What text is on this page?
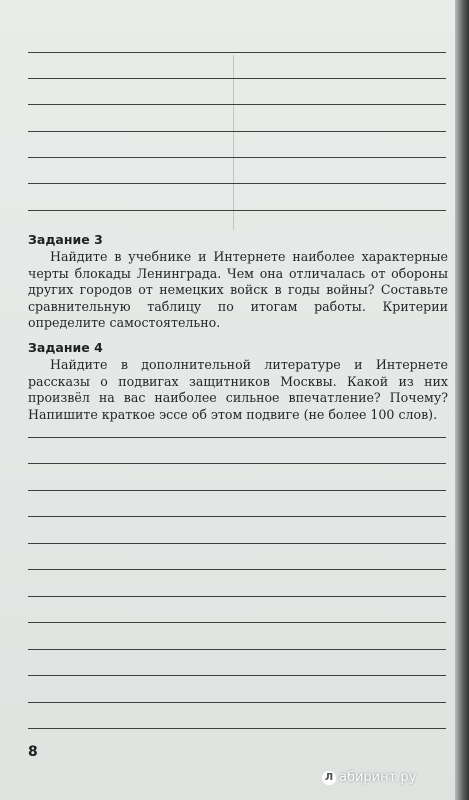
Задание 3
Найдите в учебнике и Интернете наиболее характерные черты блокады Ленинграда. Чем она отличалась от обороны других городов от немецких войск в годы войны? Составьте сравнительную таблицу по итогам работы. Критерии определите самостоятельно.
Задание 4
Найдите в дополнительной литературе и Интернете рассказы о подвигах защитников Москвы. Какой из них произвёл на вас наиболее сильное впечатление? Почему? Напишите краткое эссе об этом подвиге (не более 100 слов).
8
Л абиринт.ру
